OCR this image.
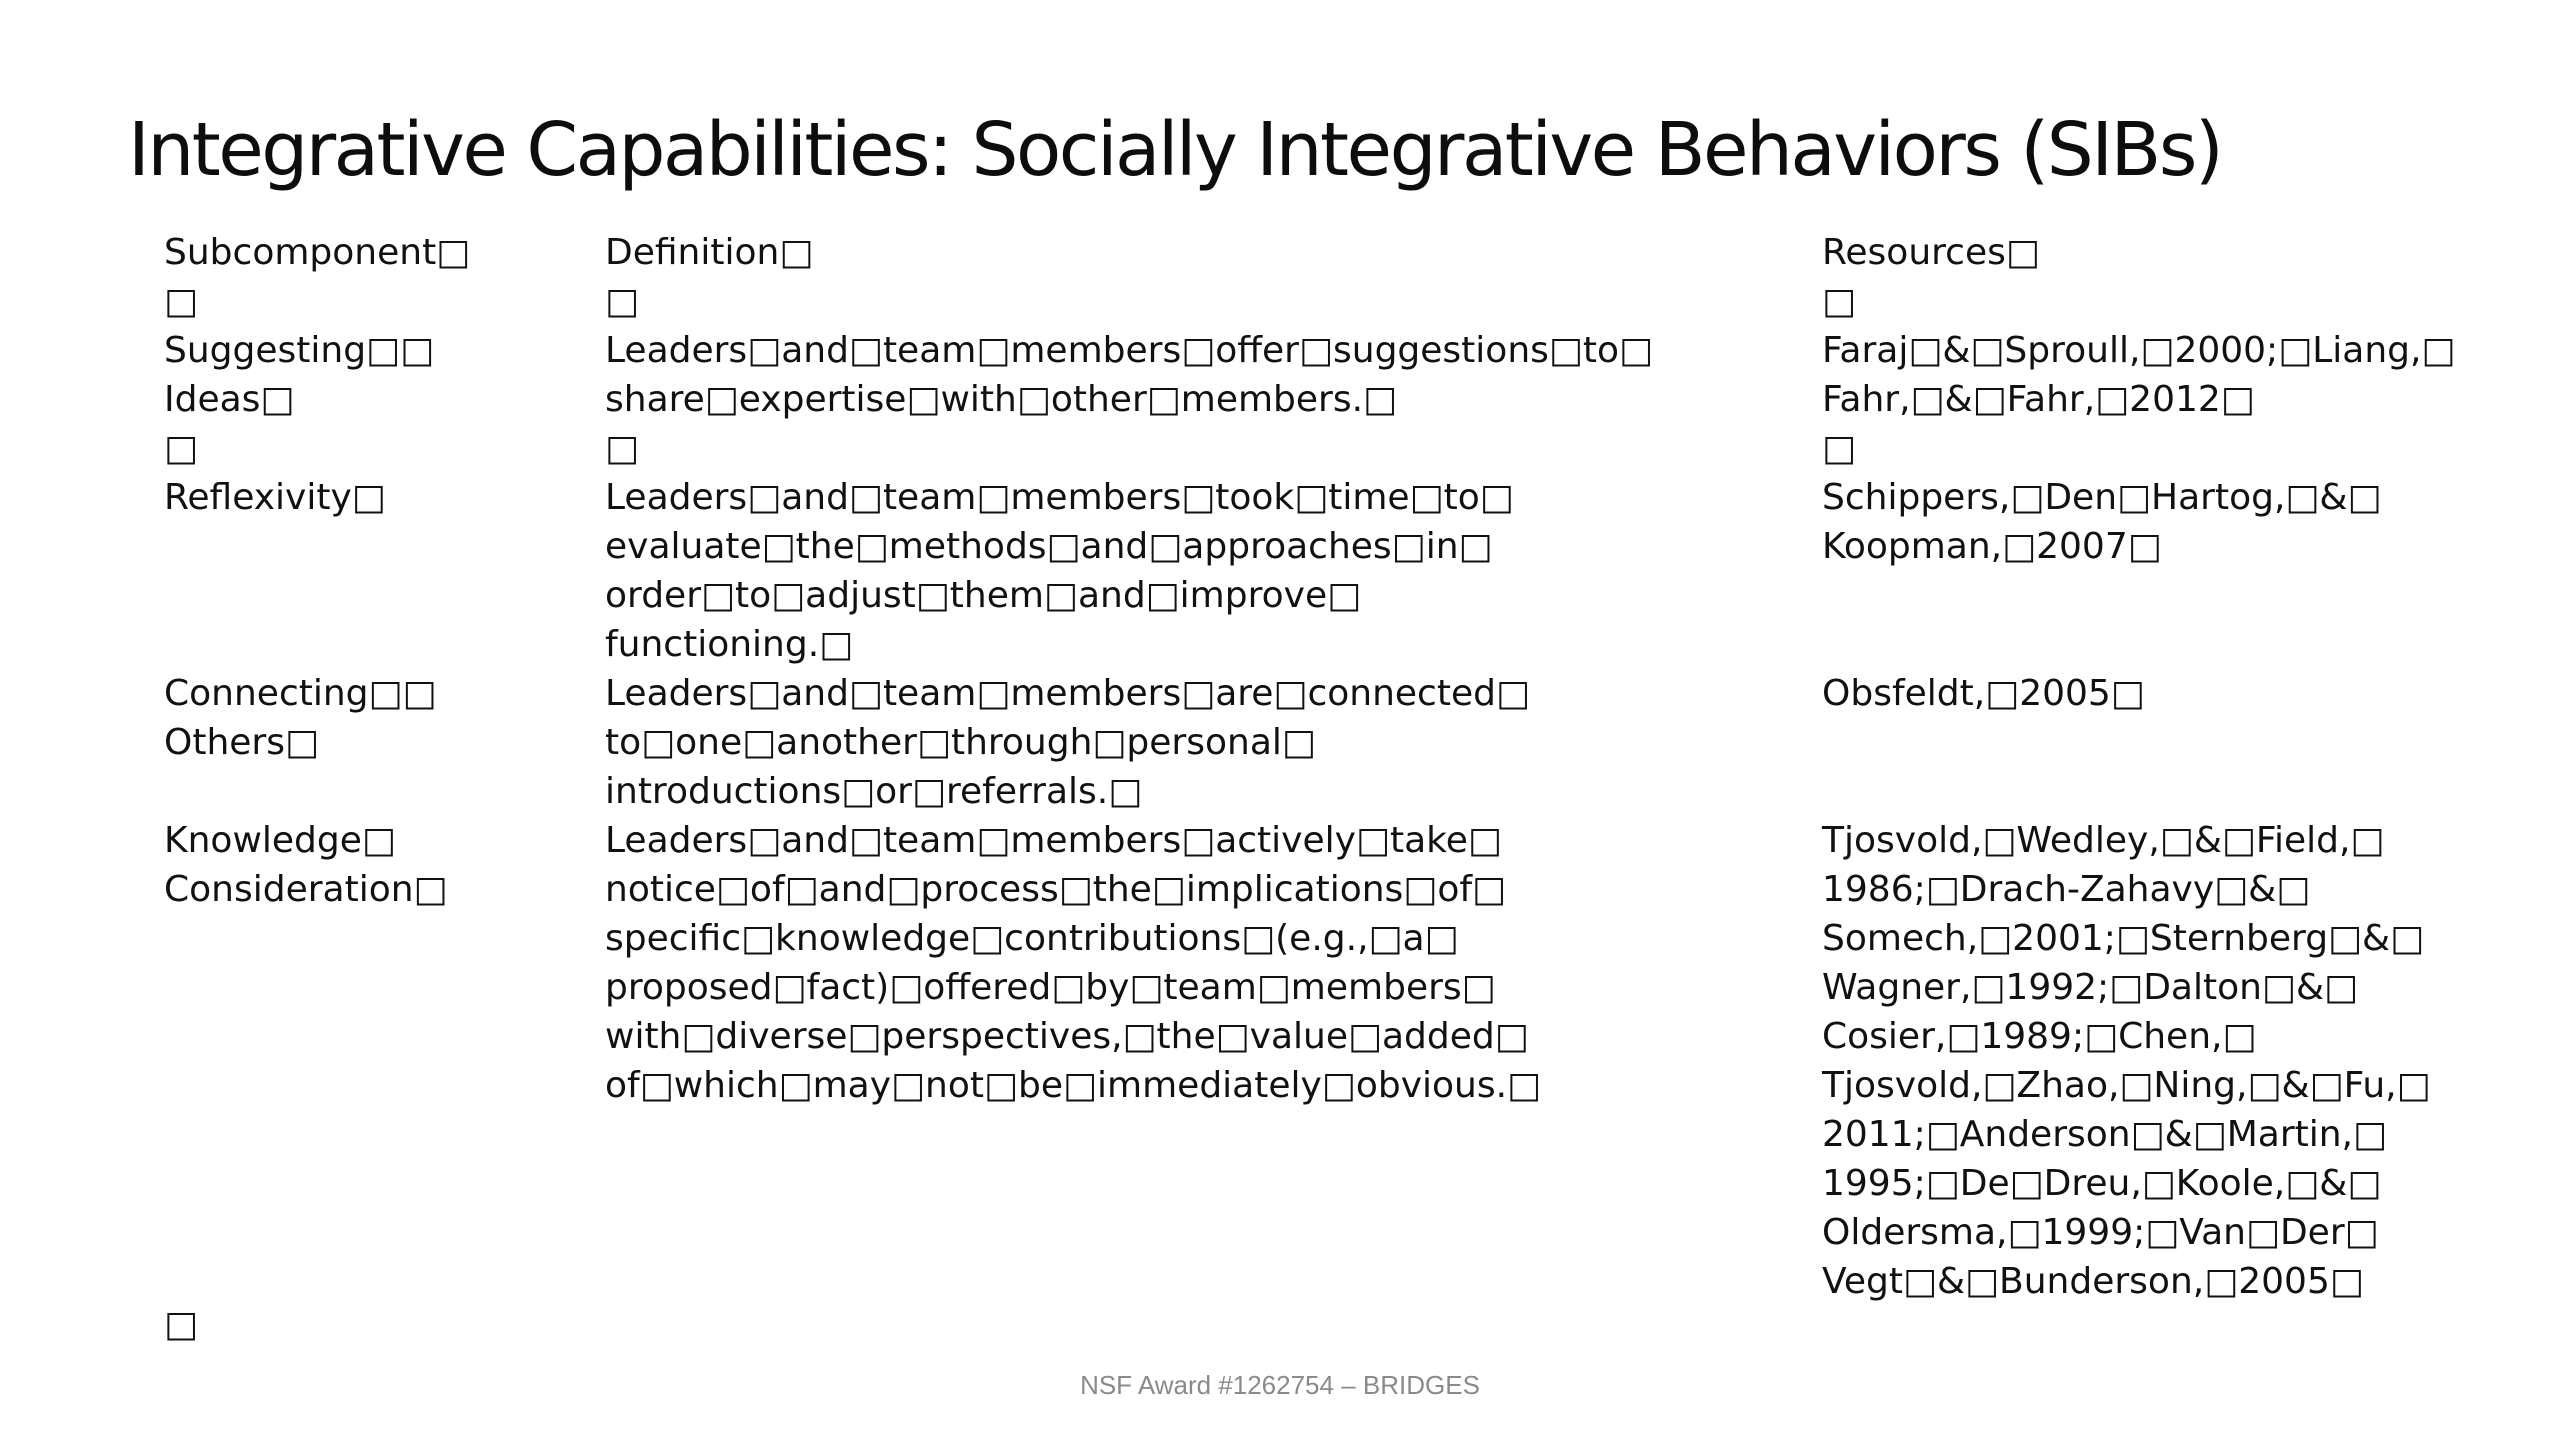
Integrative Capabilities: Socially Integrative Behaviors (SIBs)
Subcomponent□
□
Suggesting□□
Ideas□
□
Reflexivity□
Connecting□□
Others□
Knowledge□
Consideration□
Definition□
□
Leaders□and□team□members□offer□suggestions□to□
share□expertise□with□other□members.□
□
Leaders□and□team□members□took□time□to□
evaluate□the□methods□and□approaches□in□
order□to□adjust□them□and□improve□
functioning.□
Leaders□and□team□members□are□connected□
to□one□another□through□personal□
introductions□or□referrals.□
Leaders□and□team□members□actively□take□
notice□of□and□process□the□implications□of□
specific□knowledge□contributions□(e.g.,□a□
proposed□fact)□offered□by□team□members□
with□diverse□perspectives,□the□value□added□
of□which□may□not□be□immediately□obvious.□
Resources□
□
Faraj□&□Sproull,□2000;□Liang,□
Fahr,□&□Fahr,□2012□
□
Schippers,□Den□Hartog,□&□
Koopman,□2007□
Obsfeldt,□2005□
Tjosvold,□Wedley,□&□Field,□
1986;□Drach-Zahavy□&□
Somech,□2001;□Sternberg□&□
Wagner,□1992;□Dalton□&□
Cosier,□1989;□Chen,□
Tjosvold,□Zhao,□Ning,□&□Fu,□
2011;□Anderson□&□Martin,□
1995;□De□Dreu,□Koole,□&□
Oldersma,□1999;□Van□Der□
Vegt□&□Bunderson,□2005□
□
NSF Award #1262754 – BRIDGES
